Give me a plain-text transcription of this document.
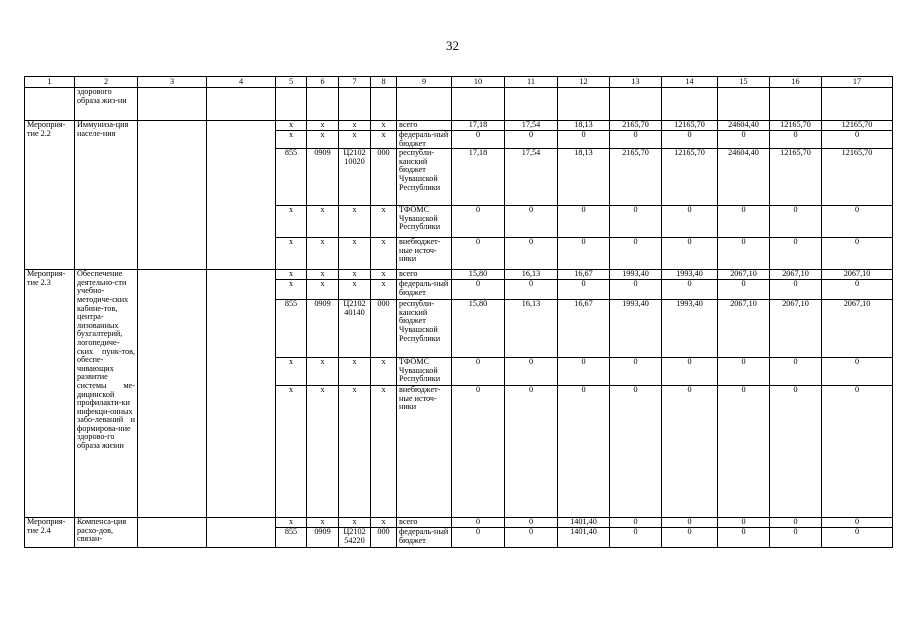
32
1	2	3	4	5	6	7	8	9	10	11	12	13	14	15	16	17
	здорового образа жиз-ни															
Мероприя-тие 2.2	Иммуниза-ция населе-ния			x	x	x	x	всего	17,18	17,54	18,13	2165,70	12165,70	24604,40	12165,70	12165,70
				x	x	x	x	федераль-ный бюджет	0	0	0	0	0	0	0	0
				855	0909	Ц2102 10020	000	республи-канский бюджет Чувашской Республики	17,18	17,54	18,13	2165,70	12165,70	24604,40	12165,70	12165,70
				x	x	x	x	ТФОМС Чувашской Республики	0	0	0	0	0	0	0	0
				x	x	x	x	внебюджет-ные источ-ники	0	0	0	0	0	0	0	0
Мероприя-тие 2.3	Обеспечение деятельно-сти учебно-методиче-ских кабине-тов, центра-лизованных бухгалтерий, логопедиче-ских пунк-тов, обеспе-чивающих развитие системы ме-дицинской профилакти-ки инфекци-онных забо-леваний и формирова-ние здорово-го образа жизни			x	x	x	x	всего	15,80	16,13	16,67	1993,40	1993,40	2067,10	2067,10	2067,10
				x	x	x	x	федераль-ный бюджет	0	0	0	0	0	0	0	0
				855	0909	Ц2102 40140	000	республи-канский бюджет Чувашской Республики	15,80	16,13	16,67	1993,40	1993,40	2067,10	2067,10	2067,10
				x	x	x	x	ТФОМС Чувашской Республики	0	0	0	0	0	0	0	0
				x	x	x	x	внебюджет-ные источ-ники	0	0	0	0	0	0	0	0
Мероприя-тие 2.4	Компенса-ция расхо-дов, связан-			x	x	x	x	всего	0	0	1401,40	0	0	0	0	0
				855	0909	Ц2102 54220	000	федераль-ный бюджет	0	0	1401,40	0	0	0	0	0
